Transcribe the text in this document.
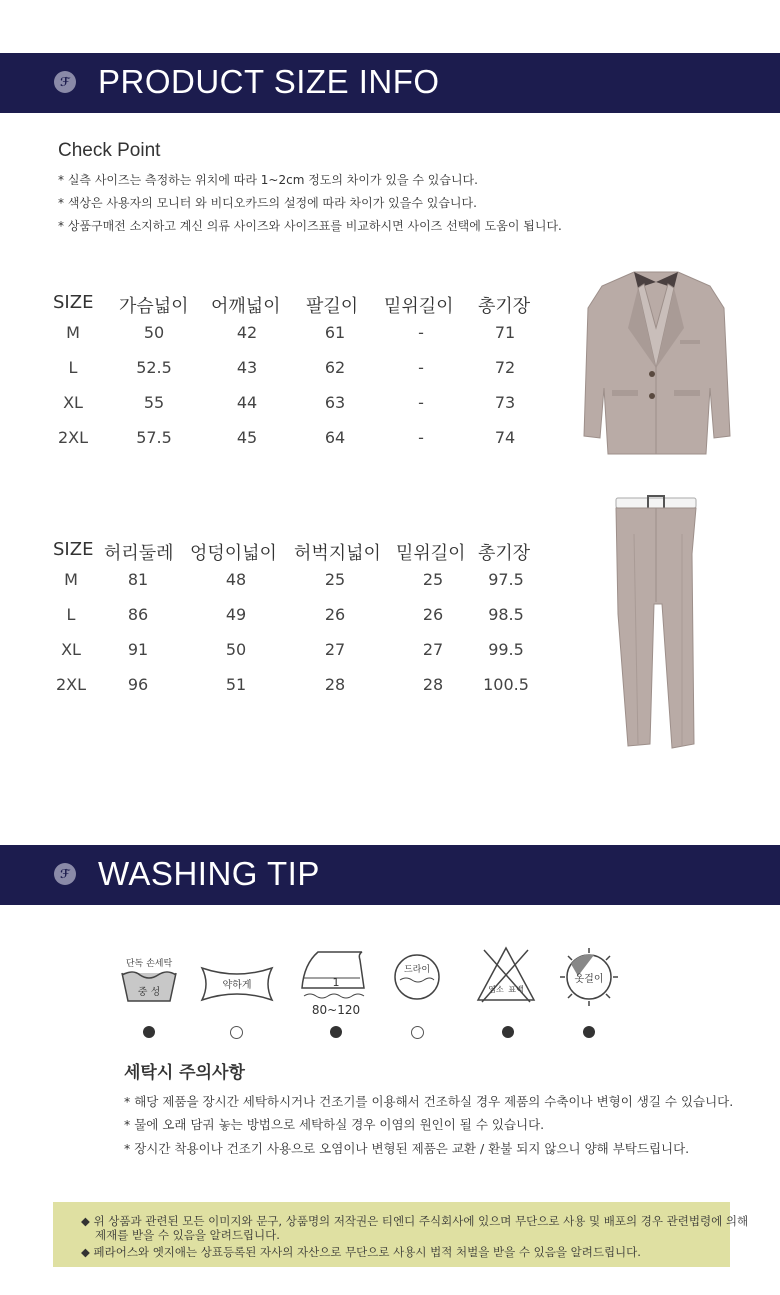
ℱ PRODUCT SIZE INFO
Check Point
* 실측 사이즈는 측정하는 위치에 따라 1~2cm 정도의 차이가 있을 수 있습니다.
* 색상은 사용자의 모니터 와 비디오카드의 설정에 따라 차이가 있을수 있습니다.
* 상품구매전 소지하고 계신 의류 사이즈와 사이즈표를 비교하시면 사이즈 선택에 도움이 됩니다.
SIZE 가슴넓이 어깨넓이 팔길이 밑위길이 총기장
M	50	42	61	-	71
L	52.5	43	62	-	72
XL	55	44	63	-	73
2XL	57.5	45	64	-	74
SIZE 허리둘레 엉덩이넓이 허벅지넓이 밑위길이 총기장
M	81	48	25	25	97.5
L	86	49	26	26	98.5
XL	91	50	27	27	99.5
2XL	96	51	28	28	100.5
ℱ WASHING TIP
단독 손세탁
중 성
약하게	1
80~120
드라이
염소 표백
옷걸이
세탁시 주의사항
* 해당 제품을 장시간 세탁하시거나 건조기를 이용해서 건조하실 경우 제품의 수축이나 변형이 생길 수 있습니다.
* 물에 오래 담궈 놓는 방법으로 세탁하실 경우 이염의 원인이 될 수 있습니다.
* 장시간 착용이나 건조기 사용으로 오염이나 변형된 제품은 교환 / 환불 되지 않으니 양해 부탁드립니다.
◆ 위 상품과 관련된 모든 이미지와 문구, 상품명의 저작권은 티엔디 주식회사에 있으며 무단으로 사용 및 배포의 경우 관련법령에 의해
제재를 받을 수 있음을 알려드립니다.
◆ 페라어스와 엣지애는 상표등록된 자사의 자산으로 무단으로 사용시 법적 처벌을 받을 수 있음을 알려드립니다.
